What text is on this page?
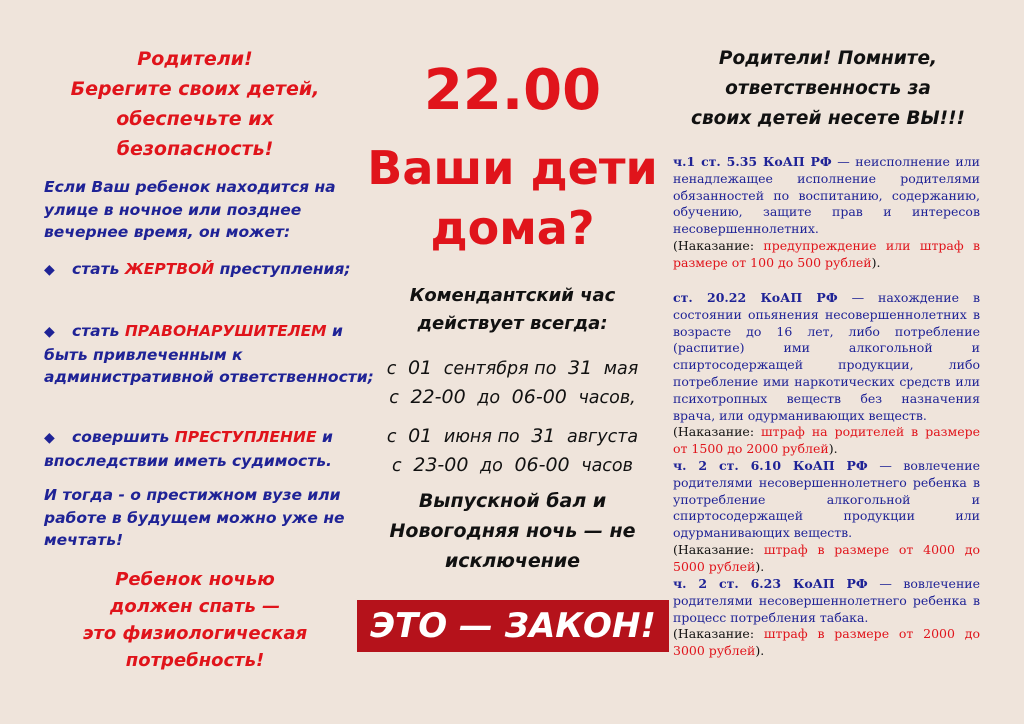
Родители!
Берегите своих детей,
обеспечьте их
безопасность!
Если Ваш ребенок находится на улице в ночное или позднее вечернее время, он может:
◆ стать ЖЕРТВОЙ преступления;
◆ стать ПРАВОНАРУШИТЕЛЕМ и быть привлеченным к административной ответственности;
◆ совершить ПРЕСТУПЛЕНИЕ и впоследствии иметь судимость.
И тогда - о престижном вузе или работе в будущем можно уже не мечтать!
Ребенок ночью
должен спать —
это физиологическая
потребность!
22.00
Ваши дети
дома?
Комендантский час
действует всегда:
с 01 сентября по 31 мая
с 22-00 до 06-00 часов,
с 01 июня по 31 августа
с 23-00 до 06-00 часов
Выпускной бал и
Новогодняя ночь — не
исключение
ЭТО — ЗАКОН!
Родители! Помните,
ответственность за
своих детей несете ВЫ!!!
ч.1 ст. 5.35 КоАП РФ — неисполнение или ненадлежащее исполнение родителями обязанностей по воспитанию, содержанию, обучению, защите прав и интересов несовершеннолетних.
(Наказание: предупреждение или штраф в размере от 100 до 500 рублей).
ст. 20.22 КоАП РФ — нахождение в состоянии опьянения несовершеннолетних в возрасте до 16 лет, либо потребление (распитие) ими алкогольной и спиртосодержащей продукции, либо потребление ими наркотических средств или психотропных веществ без назначения врача, или одурманивающих веществ.
(Наказание: штраф на родителей в размере от 1500 до 2000 рублей).
ч. 2 ст. 6.10 КоАП РФ — вовлечение родителями несовершеннолетнего ребенка в употребление алкогольной и спиртосодержащей продукции или одурманивающих веществ.
(Наказание: штраф в размере от 4000 до 5000 рублей).
ч. 2 ст. 6.23 КоАП РФ — вовлечение родителями несовершеннолетнего ребенка в процесс потребления табака.
(Наказание: штраф в размере от 2000 до 3000 рублей).
